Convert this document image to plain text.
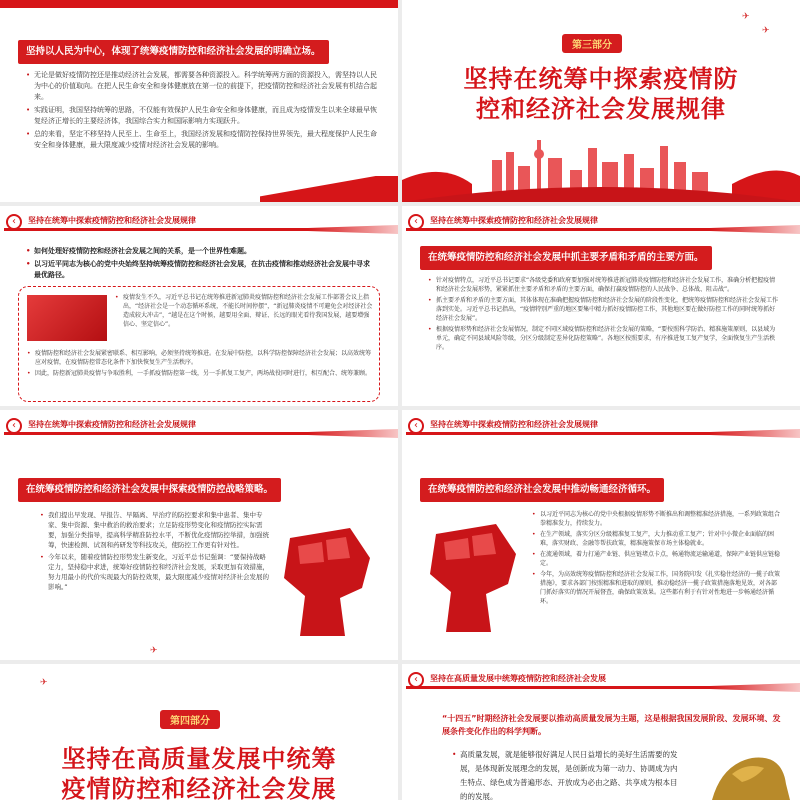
坚持以人民为中心，体现了统筹疫情防控和经济社会发展的明确立场。

• 无论是做好疫情防控还是推动经济社会发展，都需要各种资源投入。科学统筹两方面的资源投入，需坚持以人民为中心的价值取向。在把人民生命安全和身体健康放在第一位的前提下，把疫情防控和经济社会发展有机结合起来。

• 实践证明，我国坚持统筹的思路，不仅能有效保护人民生命安全和身体健康，而且成为疫情发生以来全球最早恢复经济正增长的主要经济体，我国综合实力和国际影响力实现跃升。

• 总的来看，坚定不移坚持人民至上、生命至上，我国经济发展和疫情防控保持世界领先，最大程度保护人民生命安全和身体健康，最大限度减少疫情对经济社会发展的影响。

✈
✈
第三部分
坚持在统筹中探索疫情防
控和经济社会发展规律
‹	坚持在统筹中探索疫情防控和经济社会发展规律

• 如何处理好疫情防控和经济社会发展之间的关系，是一个世界性难题。

• 以习近平同志为核心的党中央始终坚持统筹疫情防控和经济社会发展，在抗击疫情和推动经济社会发展中寻求最优路径。

• 疫情发生不久，习近平总书记在统筹推进新冠肺炎疫情防控和经济社会发展工作部署会议上指出，“经济社会是一个动态循环系统，不能长时间停摆”，“新冠肺炎疫情不可避免会对经济社会造成较大冲击”，“越是在这个时候，越要用全面、辩证、长远的眼光看待我国发展，越要增强信心、坚定信心”。

• 疫情防控和经济社会发展紧密联系、相互影响，必须坚持统筹推进。在发展中防控，以科学防控保障经济社会发展；以高效统筹应对疫情，在疫情防控常态化条件下加快恢复生产生活秩序。

• 因此，防控新冠肺炎疫情与争取胜利，一手抓疫情防控第一线，另一手抓复工复产，两场战役同时进行，相互配合、统筹兼顾。

‹	坚持在统筹中探索疫情防控和经济社会发展规律
在统筹疫情防控和经济社会发展中抓主要矛盾和矛盾的主要方面。

• 针对疫情特点，习近平总书记要求“各级党委和政府要加强对统筹推进新冠肺炎疫情防控和经济社会发展工作，准确分析把握疫情和经济社会发展形势，紧紧抓住主要矛盾和矛盾的主要方面，确保打赢疫情防控的人民战争、总体战、阻击战”。

• 抓主要矛盾和矛盾的主要方面，其体体现在准确把握疫情防控和经济社会发展的阶段性变化，把统筹疫情防控和经济社会发展工作落到实处。习近平总书记指出，“疫情特别严重的地区要集中精力抓好疫情防控工作，其他地区要在做好防控工作的同时统筹抓好经济社会发展”。

• 根据疫情形势和经济社会发展情况，制定不同区域疫情防控和经济社会发展的策略，“要按照科学防治、精准施策原则，以县域为单元，确定不同县域风险等级，分区分级制定差异化防控策略”。各地区按照要求，有序推进复工复产复学，全面恢复生产生活秩序。

‹	坚持在统筹中探索疫情防控和经济社会发展规律
在统筹疫情防控和经济社会发展中探索疫情防控战略策略。

• 我们提出早发现、早报告、早隔离、早治疗的防控要求和集中患者、集中专家、集中资源、集中救治的救治要求；立足防疫形势变化和疫情防控实际需要，加强分类指导，提高科学精准防控水平，不断优化疫情防控举措，加强统筹，快速检测、试剂和药研发等科技攻关，使防控工作更有针对性。

• 今年以来，随着疫情防控形势发生新变化，习近平总书记强调：“要保持战略定力，坚持稳中求进，统筹好疫情防控和经济社会发展，采取更加有效措施，努力用最小的代价实现最大的防控效果，最大限度减少疫情对经济社会发展的影响。”

✈
‹	坚持在统筹中探索疫情防控和经济社会发展规律
在统筹疫情防控和经济社会发展中推动畅通经济循环。

• 以习近平同志为核心的党中央根据疫情形势不断推出和调整精准经济措施，一系列政策组合拳精准发力，持续发力。

• 在生产领域，落实分区分级精准复工复产，大力推动重工复产；针对中小微企业面临的困难，落实财政、金融等帮扶政策，精准施策保市场主体稳就业。

• 在流通领域，着力打通产业链、供应链堵点卡点，畅通物流运输通道，保障产业链供应链稳定。

• 今年，为高效统筹疫情防控和经济社会发展工作，国务院印发《扎实稳住经济的一揽子政策措施》，要求各部门按照精准和进取的原则，推动稳经济一揽子政策措施落地见效，对各部门抓好落实的情况开展督查，确保政策效果。这些都有利于有针对性地进一步畅通经济循环。

✈
第四部分
坚持在高质量发展中统筹
疫情防控和经济社会发展
‹	坚持在高质量发展中统筹疫情防控和经济社会发展
“十四五”时期经济社会发展要以推动高质量发展为主题，这是根据我国发展阶段、发展环境、发展条件变化作出的科学判断。

• 高质量发展，就是能够很好满足人民日益增长的美好生活需要的发展，是体现新发展理念的发展，是创新成为第一动力、协调成为内生特点、绿色成为普遍形态、开放成为必由之路、共享成为根本目的的发展。
